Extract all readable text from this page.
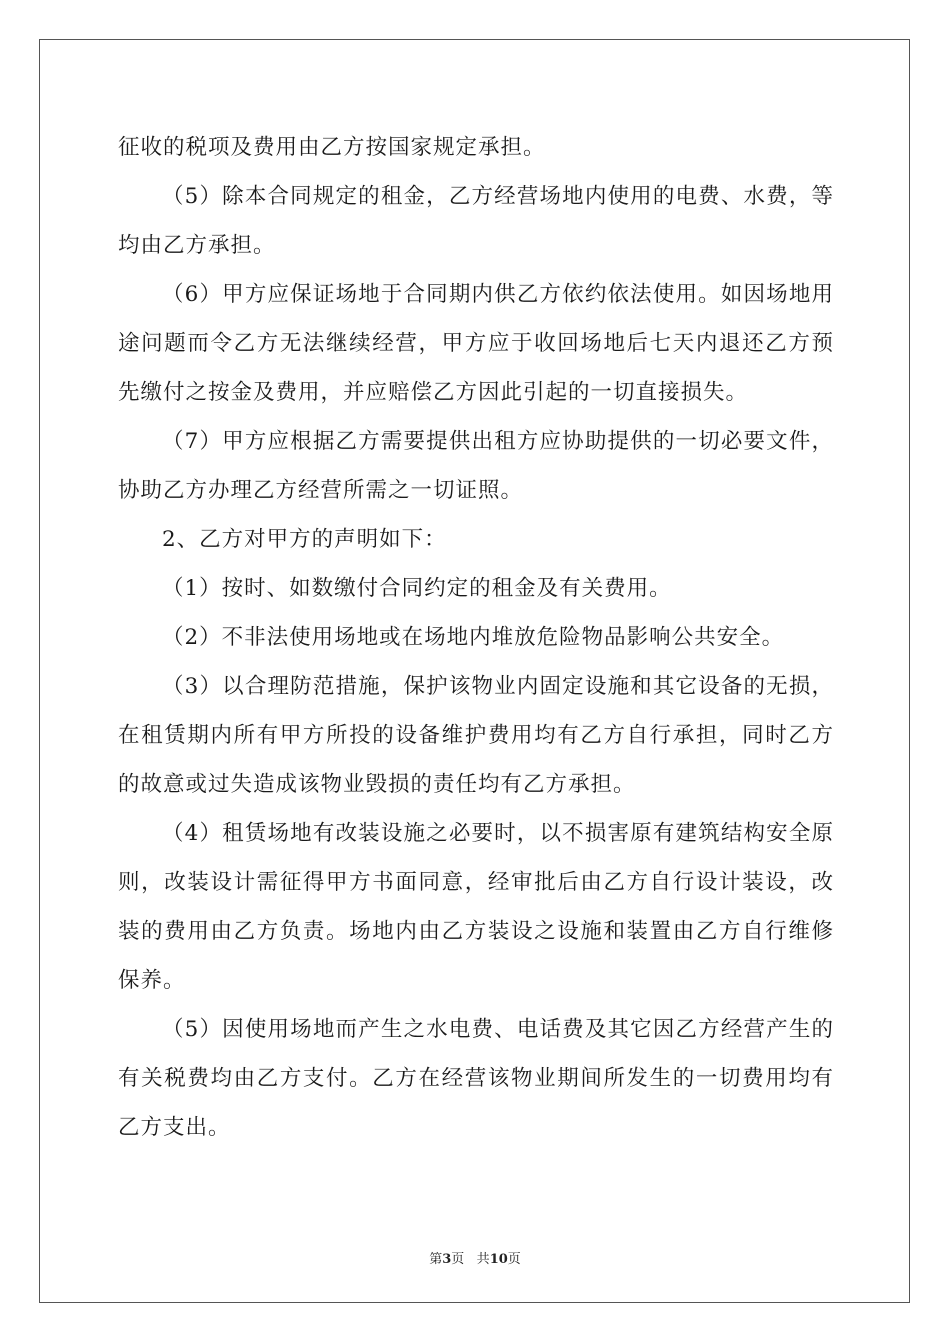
征收的税项及费用由乙方按国家规定承担。

（5）除本合同规定的租金，乙方经营场地内使用的电费、水费，等均由乙方承担。

（6）甲方应保证场地于合同期内供乙方依约依法使用。如因场地用途问题而令乙方无法继续经营，甲方应于收回场地后七天内退还乙方预先缴付之按金及费用，并应赔偿乙方因此引起的一切直接损失。

（7）甲方应根据乙方需要提供出租方应协助提供的一切必要文件，协助乙方办理乙方经营所需之一切证照。

2、乙方对甲方的声明如下：

（1）按时、如数缴付合同约定的租金及有关费用。

（2）不非法使用场地或在场地内堆放危险物品影响公共安全。

（3）以合理防范措施，保护该物业内固定设施和其它设备的无损，在租赁期内所有甲方所投的设备维护费用均有乙方自行承担，同时乙方的故意或过失造成该物业毁损的责任均有乙方承担。

（4）租赁场地有改装设施之必要时，以不损害原有建筑结构安全原则，改装设计需征得甲方书面同意，经审批后由乙方自行设计装设，改装的费用由乙方负责。场地内由乙方装设之设施和装置由乙方自行维修保养。

（5）因使用场地而产生之水电费、电话费及其它因乙方经营产生的有关税费均由乙方支付。乙方在经营该物业期间所发生的一切费用均有乙方支出。

第3页 共10页
